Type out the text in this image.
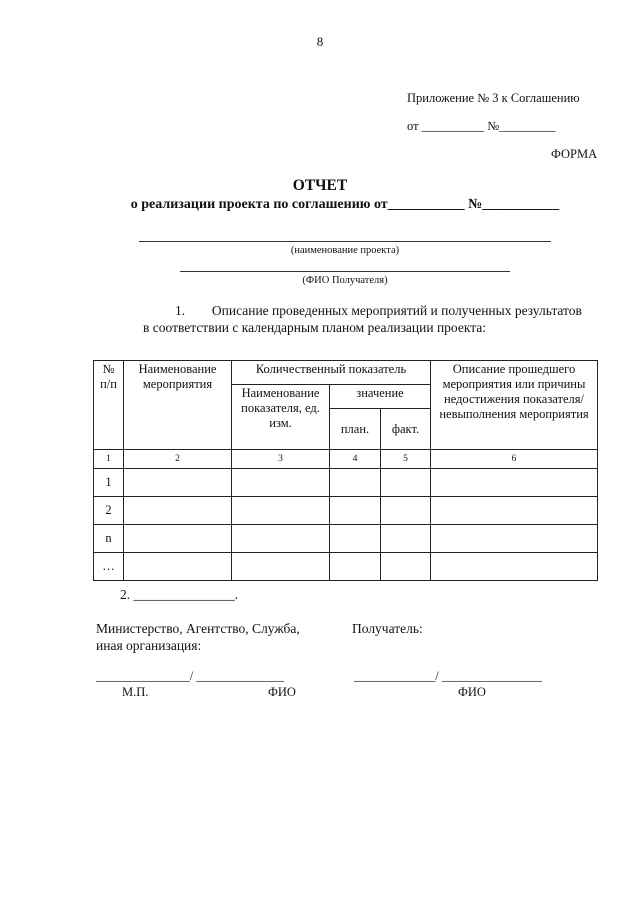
8
Приложение № 3 к Соглашению
от __________ №_________
ФОРМА
ОТЧЕТ
о реализации проекта по соглашению от___________ №___________
(наименование проекта)
(ФИО Получателя)
1. Описание проведенных мероприятий и полученных результатов
в соответствии с календарным планом реализации проекта:
№ п/п	Наименование мероприятия	Количественный показатель			Описание прошедшего мероприятия или причины недостижения показателя/невыполнения мероприятия
		Наименование показателя, ед. изм.	значение		
			план.	факт.	
1	2	3	4	5	6
1					
2					
n					
…					
2. _______________.
Министерство, Агентство, Служба,
иная организация:
Получатель:
_______________/ ______________	_____________/ ________________
М.П.	ФИО	ФИО
